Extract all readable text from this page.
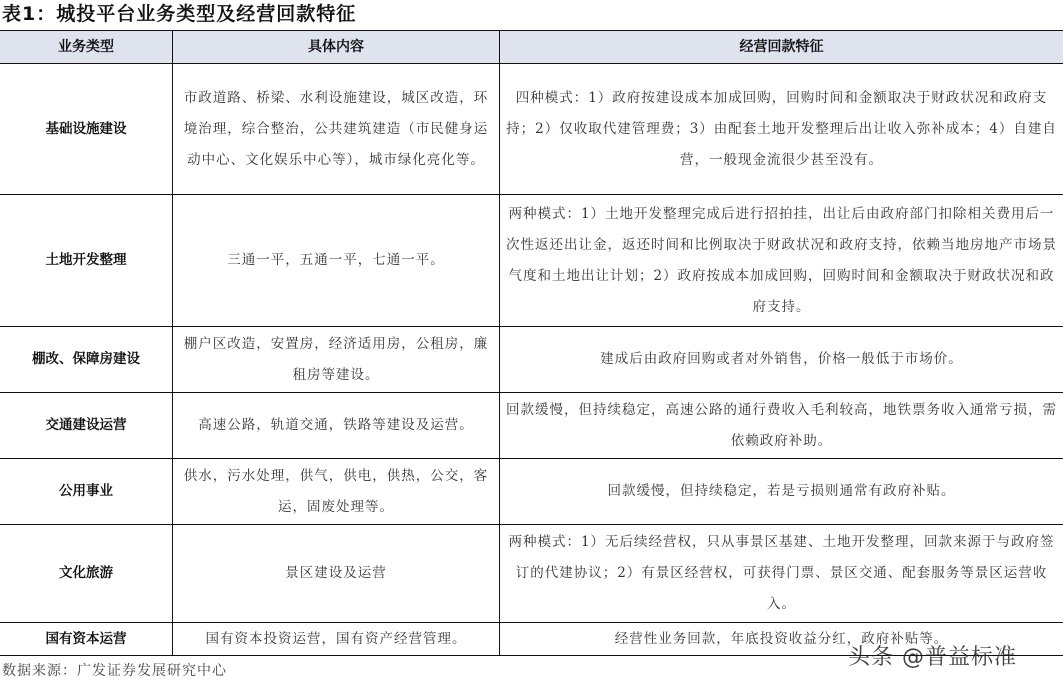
表1：城投平台业务类型及经营回款特征
业务类型	具体内容	经营回款特征
基础设施建设	市政道路、桥梁、水利设施建设，城区改造，环境治理，综合整治，公共建筑建造（市民健身运动中心、文化娱乐中心等），城市绿化亮化等。	四种模式：1）政府按建设成本加成回购，回购时间和金额取决于财政状况和政府支持；2）仅收取代建管理费；3）由配套土地开发整理后出让收入弥补成本；4）自建自营，一般现金流很少甚至没有。
土地开发整理	三通一平，五通一平，七通一平。	两种模式：1）土地开发整理完成后进行招拍挂，出让后由政府部门扣除相关费用后一次性返还出让金，返还时间和比例取决于财政状况和政府支持，依赖当地房地产市场景气度和土地出让计划；2）政府按成本加成回购，回购时间和金额取决于财政状况和政府支持。
棚改、保障房建设	棚户区改造，安置房，经济适用房，公租房，廉租房等建设。	建成后由政府回购或者对外销售，价格一般低于市场价。
交通建设运营	高速公路，轨道交通，铁路等建设及运营。	回款缓慢，但持续稳定，高速公路的通行费收入毛利较高，地铁票务收入通常亏损，需依赖政府补助。
公用事业	供水，污水处理，供气，供电，供热，公交，客运，固废处理等。	回款缓慢，但持续稳定，若是亏损则通常有政府补贴。
文化旅游	景区建设及运营	两种模式：1）无后续经营权，只从事景区基建、土地开发整理，回款来源于与政府签订的代建协议；2）有景区经营权，可获得门票、景区交通、配套服务等景区运营收入。
国有资本运营	国有资本投资运营，国有资产经营管理。	经营性业务回款，年底投资收益分红，政府补贴等。
数据来源：广发证券发展研究中心
头条 @普益标准
